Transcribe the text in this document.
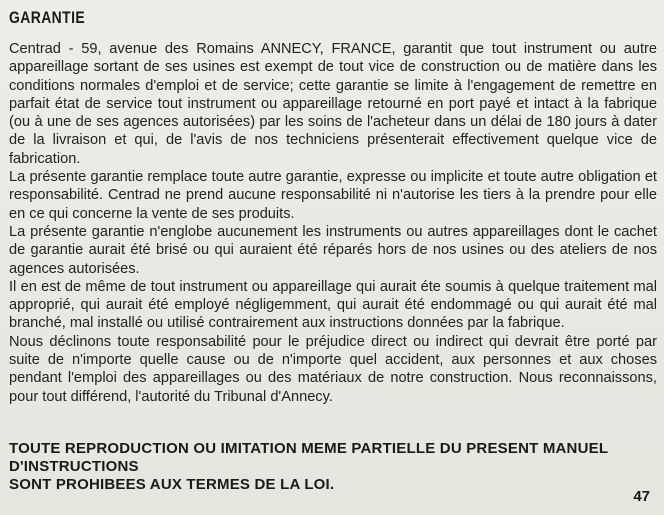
GARANTIE

Centrad - 59, avenue des Romains ANNECY, FRANCE, garantit que tout instrument ou autre appareillage sortant de ses usines est exempt de tout vice de construction ou de matière dans les conditions normales d'emploi et de service; cette garantie se limite à l'engagement de remettre en parfait état de service tout instrument ou appareillage retourné en port payé et intact à la fabrique (ou à une de ses agences autorisées) par les soins de l'acheteur dans un délai de 180 jours à dater de la livraison et qui, de l'avis de nos techniciens présenterait effectivement quelque vice de fabrication.

La présente garantie remplace toute autre garantie, expresse ou implicite et toute autre obligation et responsabilité. Centrad ne prend aucune responsabilité ni n'autorise les tiers à la prendre pour elle en ce qui concerne la vente de ses produits.

La présente garantie n'englobe aucunement les instruments ou autres appareillages dont le cachet de garantie aurait été brisé ou qui auraient été réparés hors de nos usines ou des ateliers de nos agences autorisées.

Il en est de même de tout instrument ou appareillage qui aurait éte soumis à quelque traitement mal approprié, qui aurait été employé négligemment, qui aurait été endommagé ou qui aurait été mal branché, mal installé ou utilisé contrairement aux instructions données par la fabrique.

Nous déclinons toute responsabilité pour le préjudice direct ou indirect qui devrait être porté par suite de n'importe quelle cause ou de n'importe quel accident, aux personnes et aux choses pendant l'emploi des appareillages ou des matériaux de notre construction. Nous reconnaissons, pour tout différend, l'autorité du Tribunal d'Annecy.

TOUTE REPRODUCTION OU IMITATION MEME PARTIELLE DU PRESENT MANUEL D'INSTRUCTIONS

SONT PROHIBEES AUX TERMES DE LA LOI.

47
